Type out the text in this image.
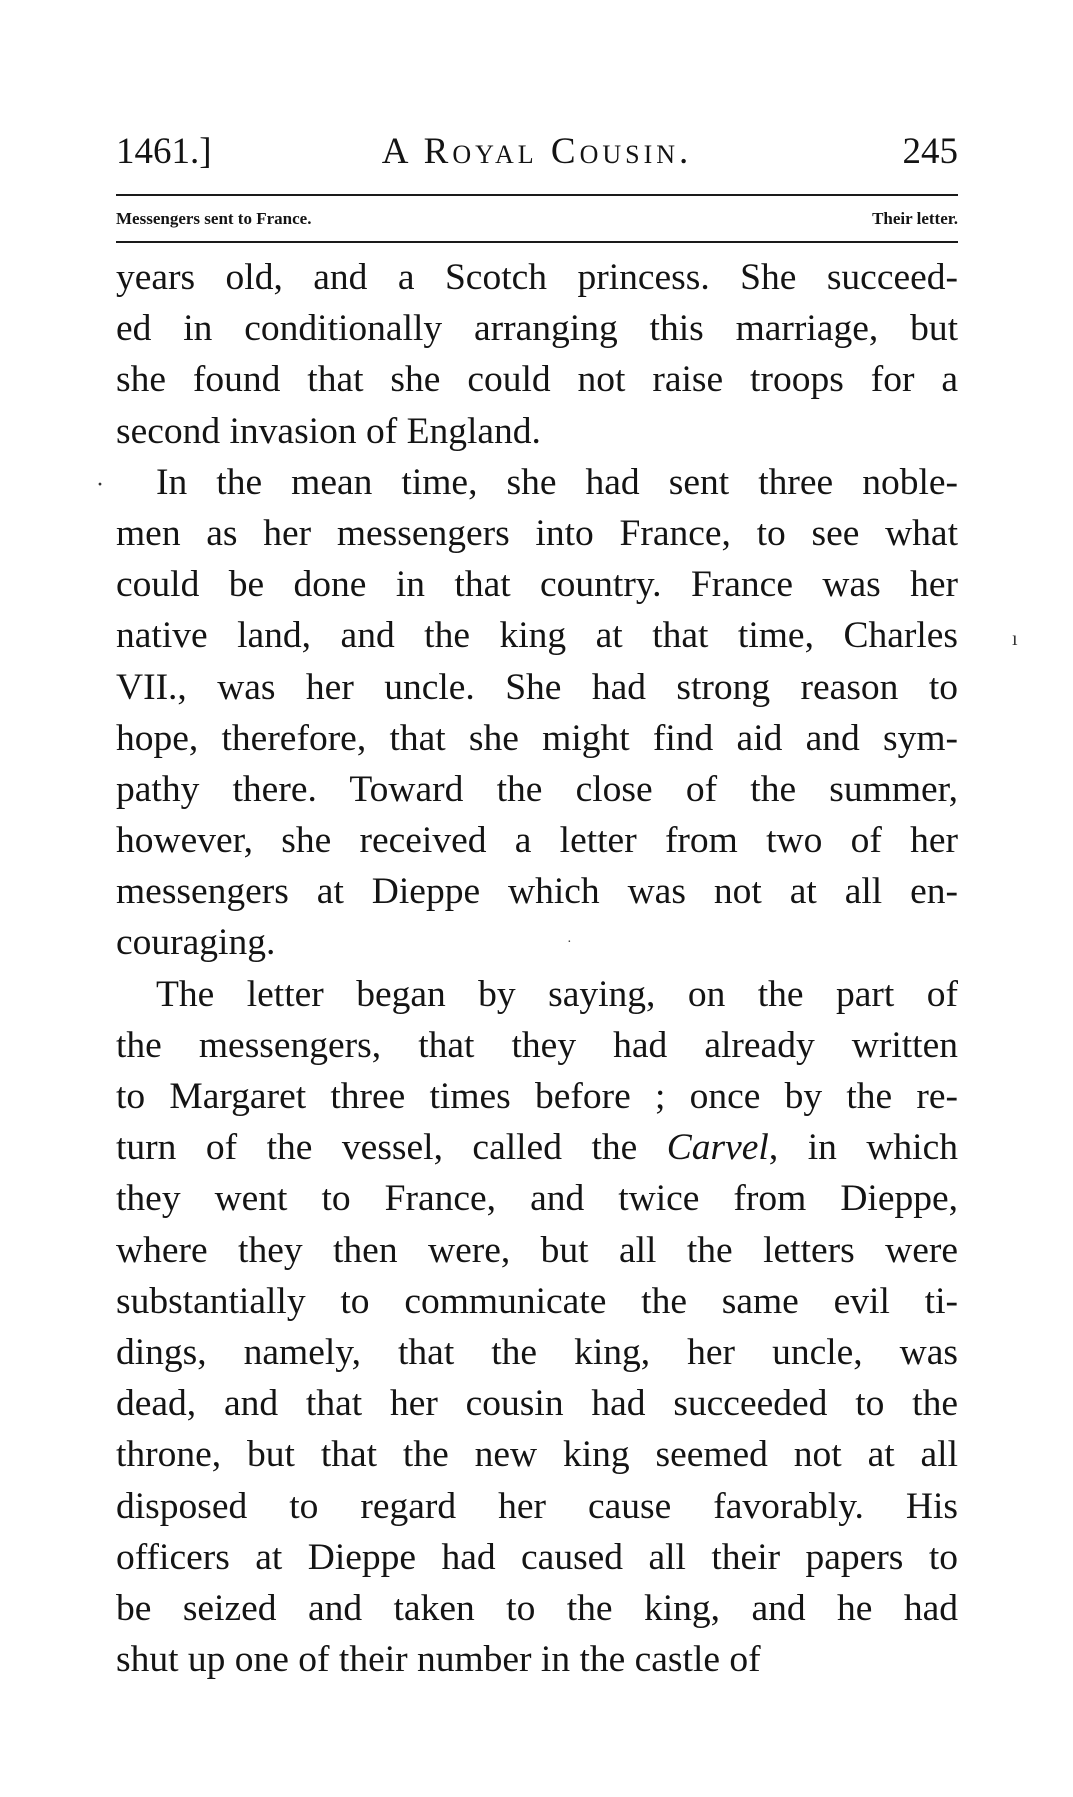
1461.]	A Royal Cousin.	245
Messengers sent to France.	Their letter.
years old, and a Scotch princess. She succeed-
ed in conditionally arranging this marriage, but
she found that she could not raise troops for a
second invasion of England.
In the mean time, she had sent three noble-
men as her messengers into France, to see what
could be done in that country. France was her
native land, and the king at that time, Charles
VII., was her uncle. She had strong reason to
hope, therefore, that she might find aid and sym-
pathy there. Toward the close of the summer,
however, she received a letter from two of her
messengers at Dieppe which was not at all en-
couraging.
The letter began by saying, on the part of
the messengers, that they had already written
to Margaret three times before ; once by the re-
turn of the vessel, called the Carvel, in which
they went to France, and twice from Dieppe,
where they then were, but all the letters were
substantially to communicate the same evil ti-
dings, namely, that the king, her uncle, was
dead, and that her cousin had succeeded to the
throne, but that the new king seemed not at all
disposed to regard her cause favorably. His
officers at Dieppe had caused all their papers to
be seized and taken to the king, and he had
shut up one of their number in the castle of
·
ı
·
